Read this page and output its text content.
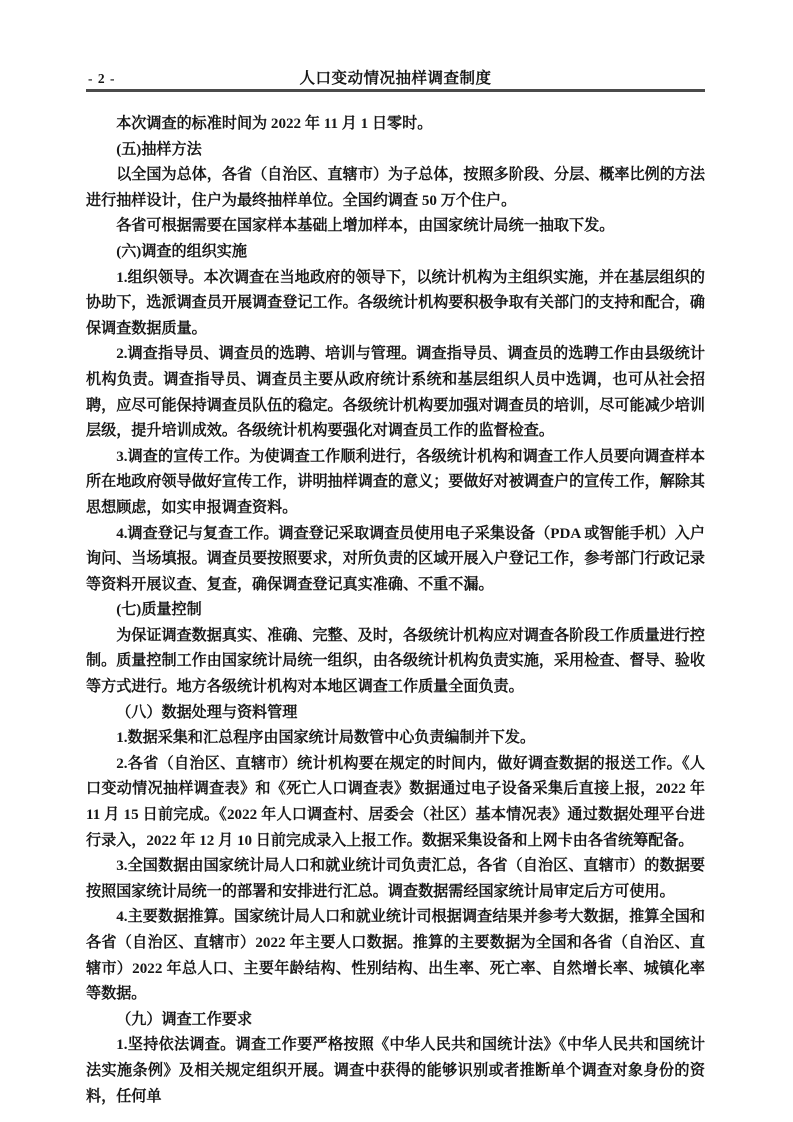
- 2 -	人口变动情况抽样调查制度

本次调查的标准时间为 2022 年 11 月 1 日零时。

(五)抽样方法

以全国为总体，各省（自治区、直辖市）为子总体，按照多阶段、分层、概率比例的方法进行抽样设计，住户为最终抽样单位。全国约调查 50 万个住户。

各省可根据需要在国家样本基础上增加样本，由国家统计局统一抽取下发。

(六)调查的组织实施

1.组织领导。本次调查在当地政府的领导下，以统计机构为主组织实施，并在基层组织的协助下，选派调查员开展调查登记工作。各级统计机构要积极争取有关部门的支持和配合，确保调查数据质量。

2.调查指导员、调查员的选聘、培训与管理。调查指导员、调查员的选聘工作由县级统计机构负责。调查指导员、调查员主要从政府统计系统和基层组织人员中选调，也可从社会招聘，应尽可能保持调查员队伍的稳定。各级统计机构要加强对调查员的培训，尽可能减少培训层级，提升培训成效。各级统计机构要强化对调查员工作的监督检查。

3.调查的宣传工作。为使调查工作顺利进行，各级统计机构和调查工作人员要向调查样本所在地政府领导做好宣传工作，讲明抽样调查的意义；要做好对被调查户的宣传工作，解除其思想顾虑，如实申报调查资料。

4.调查登记与复查工作。调查登记采取调查员使用电子采集设备（PDA 或智能手机）入户询问、当场填报。调查员要按照要求，对所负责的区域开展入户登记工作，参考部门行政记录等资料开展议查、复查，确保调查登记真实准确、不重不漏。

(七)质量控制

为保证调查数据真实、准确、完整、及时，各级统计机构应对调查各阶段工作质量进行控制。质量控制工作由国家统计局统一组织，由各级统计机构负责实施，采用检查、督导、验收等方式进行。地方各级统计机构对本地区调查工作质量全面负责。

（八）数据处理与资料管理

1.数据采集和汇总程序由国家统计局数管中心负责编制并下发。

2.各省（自治区、直辖市）统计机构要在规定的时间内，做好调查数据的报送工作。《人口变动情况抽样调查表》和《死亡人口调查表》数据通过电子设备采集后直接上报，2022 年 11 月 15 日前完成。《2022 年人口调查村、居委会（社区）基本情况表》通过数据处理平台进行录入，2022 年 12 月 10 日前完成录入上报工作。数据采集设备和上网卡由各省统筹配备。

3.全国数据由国家统计局人口和就业统计司负责汇总，各省（自治区、直辖市）的数据要按照国家统计局统一的部署和安排进行汇总。调查数据需经国家统计局审定后方可使用。

4.主要数据推算。国家统计局人口和就业统计司根据调查结果并参考大数据，推算全国和各省（自治区、直辖市）2022 年主要人口数据。推算的主要数据为全国和各省（自治区、直辖市）2022 年总人口、主要年龄结构、性别结构、出生率、死亡率、自然增长率、城镇化率等数据。

（九）调查工作要求

1.坚持依法调查。调查工作要严格按照《中华人民共和国统计法》《中华人民共和国统计法实施条例》及相关规定组织开展。调查中获得的能够识别或者推断单个调查对象身份的资料，任何单
